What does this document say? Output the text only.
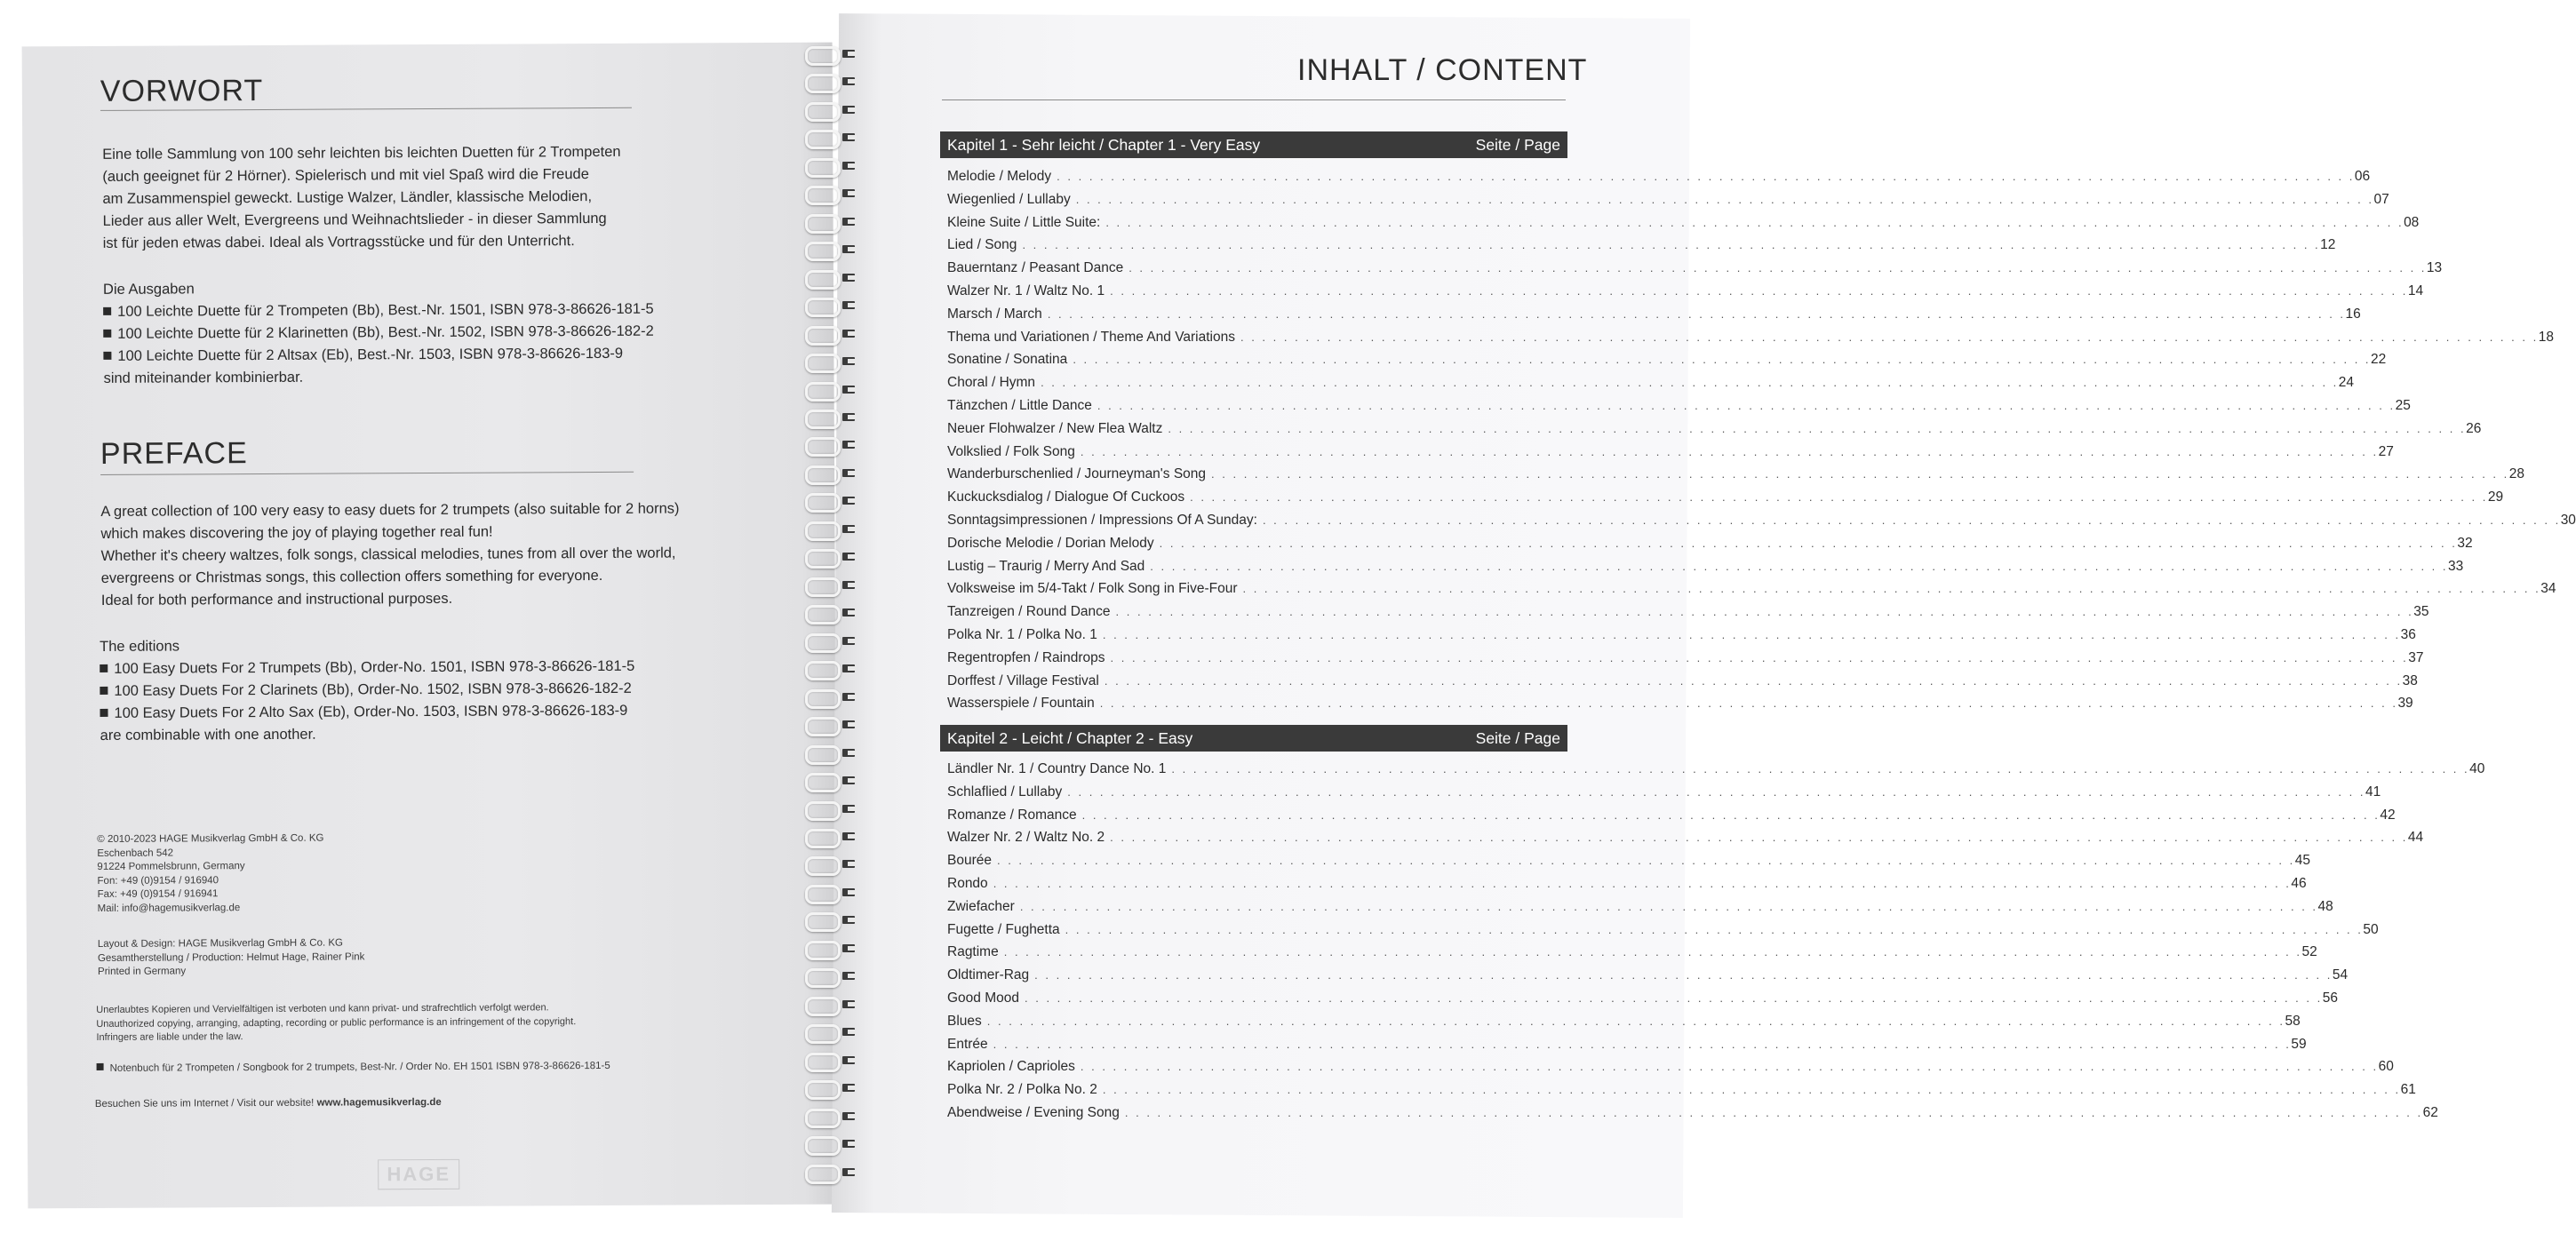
VORWORT
Eine tolle Sammlung von 100 sehr leichten bis leichten Duetten für 2 Trompeten
(auch geeignet für 2 Hörner). Spielerisch und mit viel Spaß wird die Freude
am Zusammenspiel geweckt. Lustige Walzer, Ländler, klassische Melodien,
Lieder aus aller Welt, Evergreens und Weihnachtslieder - in dieser Sammlung
ist für jeden etwas dabei. Ideal als Vortragsstücke und für den Unterricht.
Die Ausgaben
100 Leichte Duette für 2 Trompeten (Bb), Best.-Nr. 1501, ISBN 978-3-86626-181-5
100 Leichte Duette für 2 Klarinetten (Bb), Best.-Nr. 1502, ISBN 978-3-86626-182-2
100 Leichte Duette für 2 Altsax (Eb), Best.-Nr. 1503, ISBN 978-3-86626-183-9
sind miteinander kombinierbar.
PREFACE
A great collection of 100 very easy to easy duets for 2 trumpets (also suitable for 2 horns)
which makes discovering the joy of playing together real fun!
Whether it's cheery waltzes, folk songs, classical melodies, tunes from all over the world,
evergreens or Christmas songs, this collection offers something for everyone.
Ideal for both performance and instructional purposes.
The editions
100 Easy Duets For 2 Trumpets (Bb), Order-No. 1501, ISBN 978-3-86626-181-5
100 Easy Duets For 2 Clarinets (Bb), Order-No. 1502, ISBN 978-3-86626-182-2
100 Easy Duets For 2 Alto Sax (Eb), Order-No. 1503, ISBN 978-3-86626-183-9
are combinable with one another.
© 2010-2023 HAGE Musikverlag GmbH & Co. KG
Eschenbach 542
91224 Pommelsbrunn, Germany
Fon: +49 (0)9154 / 916940
Fax: +49 (0)9154 / 916941
Mail: info@hagemusikverlag.de
Layout & Design: HAGE Musikverlag GmbH & Co. KG
Gesamtherstellung / Production: Helmut Hage, Rainer Pink
Printed in Germany
Unerlaubtes Kopieren und Vervielfältigen ist verboten und kann privat- und strafrechtlich verfolgt werden.
Unauthorized copying, arranging, adapting, recording or public performance is an infringement of the copyright.
Infringers are liable under the law.
Notenbuch für 2 Trompeten / Songbook for 2 trumpets, Best-Nr. / Order No. EH 1501 ISBN 978-3-86626-181-5
Besuchen Sie uns im Internet / Visit our website! www.hagemusikverlag.de
HAGE
INHALT / CONTENT
Kapitel 1 - Sehr leicht / Chapter 1 - Very Easy	Seite / Page
Melodie / Melody . . . . . . . . . . . . . . . . . . . . . . . . . . . . . . . . . . . . . . . . . . . . . . . . . . . . . . . . . . . . . . . . . . . . . . . . . . . . . . . . . . . . . . . . . . . . . . . . . . . . . . . . . . . . . . . . . . . . . . . . 06
Wiegenlied / Lullaby . . . . . . . . . . . . . . . . . . . . . . . . . . . . . . . . . . . . . . . . . . . . . . . . . . . . . . . . . . . . . . . . . . . . . . . . . . . . . . . . . . . . . . . . . . . . . . . . . . . . . . . . . . . . . . . . . . . . . . . . 07
Kleine Suite / Little Suite: . . . . . . . . . . . . . . . . . . . . . . . . . . . . . . . . . . . . . . . . . . . . . . . . . . . . . . . . . . . . . . . . . . . . . . . . . . . . . . . . . . . . . . . . . . . . . . . . . . . . . . . . . . . . . . . . . . . . . . . . 08
Lied / Song . . . . . . . . . . . . . . . . . . . . . . . . . . . . . . . . . . . . . . . . . . . . . . . . . . . . . . . . . . . . . . . . . . . . . . . . . . . . . . . . . . . . . . . . . . . . . . . . . . . . . . . . . . . . . . . . . . . . . . . . 12
Bauerntanz / Peasant Dance . . . . . . . . . . . . . . . . . . . . . . . . . . . . . . . . . . . . . . . . . . . . . . . . . . . . . . . . . . . . . . . . . . . . . . . . . . . . . . . . . . . . . . . . . . . . . . . . . . . . . . . . . . . . . . . . . . . . . . . . 13
Walzer Nr. 1 / Waltz No. 1 . . . . . . . . . . . . . . . . . . . . . . . . . . . . . . . . . . . . . . . . . . . . . . . . . . . . . . . . . . . . . . . . . . . . . . . . . . . . . . . . . . . . . . . . . . . . . . . . . . . . . . . . . . . . . . . . . . . . . . . . 14
Marsch / March . . . . . . . . . . . . . . . . . . . . . . . . . . . . . . . . . . . . . . . . . . . . . . . . . . . . . . . . . . . . . . . . . . . . . . . . . . . . . . . . . . . . . . . . . . . . . . . . . . . . . . . . . . . . . . . . . . . . . . . . 16
Thema und Variationen / Theme And Variations . . . . . . . . . . . . . . . . . . . . . . . . . . . . . . . . . . . . . . . . . . . . . . . . . . . . . . . . . . . . . . . . . . . . . . . . . . . . . . . . . . . . . . . . . . . . . . . . . . . . . . . . . . . . . . . . . . . . . . . . 18
Sonatine / Sonatina . . . . . . . . . . . . . . . . . . . . . . . . . . . . . . . . . . . . . . . . . . . . . . . . . . . . . . . . . . . . . . . . . . . . . . . . . . . . . . . . . . . . . . . . . . . . . . . . . . . . . . . . . . . . . . . . . . . . . . . . 22
Choral / Hymn . . . . . . . . . . . . . . . . . . . . . . . . . . . . . . . . . . . . . . . . . . . . . . . . . . . . . . . . . . . . . . . . . . . . . . . . . . . . . . . . . . . . . . . . . . . . . . . . . . . . . . . . . . . . . . . . . . . . . . . . 24
Tänzchen / Little Dance . . . . . . . . . . . . . . . . . . . . . . . . . . . . . . . . . . . . . . . . . . . . . . . . . . . . . . . . . . . . . . . . . . . . . . . . . . . . . . . . . . . . . . . . . . . . . . . . . . . . . . . . . . . . . . . . . . . . . . . . 25
Neuer Flohwalzer / New Flea Waltz . . . . . . . . . . . . . . . . . . . . . . . . . . . . . . . . . . . . . . . . . . . . . . . . . . . . . . . . . . . . . . . . . . . . . . . . . . . . . . . . . . . . . . . . . . . . . . . . . . . . . . . . . . . . . . . . . . . . . . . . 26
Volkslied / Folk Song . . . . . . . . . . . . . . . . . . . . . . . . . . . . . . . . . . . . . . . . . . . . . . . . . . . . . . . . . . . . . . . . . . . . . . . . . . . . . . . . . . . . . . . . . . . . . . . . . . . . . . . . . . . . . . . . . . . . . . . . 27
Wanderburschenlied / Journeyman's Song . . . . . . . . . . . . . . . . . . . . . . . . . . . . . . . . . . . . . . . . . . . . . . . . . . . . . . . . . . . . . . . . . . . . . . . . . . . . . . . . . . . . . . . . . . . . . . . . . . . . . . . . . . . . . . . . . . . . . . . . 28
Kuckucksdialog / Dialogue Of Cuckoos . . . . . . . . . . . . . . . . . . . . . . . . . . . . . . . . . . . . . . . . . . . . . . . . . . . . . . . . . . . . . . . . . . . . . . . . . . . . . . . . . . . . . . . . . . . . . . . . . . . . . . . . . . . . . . . . . . . . . . . . 29
Sonntagsimpressionen / Impressions Of A Sunday: . . . . . . . . . . . . . . . . . . . . . . . . . . . . . . . . . . . . . . . . . . . . . . . . . . . . . . . . . . . . . . . . . . . . . . . . . . . . . . . . . . . . . . . . . . . . . . . . . . . . . . . . . . . . . . . . . . . . . . . . 30
Dorische Melodie / Dorian Melody . . . . . . . . . . . . . . . . . . . . . . . . . . . . . . . . . . . . . . . . . . . . . . . . . . . . . . . . . . . . . . . . . . . . . . . . . . . . . . . . . . . . . . . . . . . . . . . . . . . . . . . . . . . . . . . . . . . . . . . . 32
Lustig – Traurig / Merry And Sad . . . . . . . . . . . . . . . . . . . . . . . . . . . . . . . . . . . . . . . . . . . . . . . . . . . . . . . . . . . . . . . . . . . . . . . . . . . . . . . . . . . . . . . . . . . . . . . . . . . . . . . . . . . . . . . . . . . . . . . . 33
Volksweise im 5/4-Takt / Folk Song in Five-Four . . . . . . . . . . . . . . . . . . . . . . . . . . . . . . . . . . . . . . . . . . . . . . . . . . . . . . . . . . . . . . . . . . . . . . . . . . . . . . . . . . . . . . . . . . . . . . . . . . . . . . . . . . . . . . . . . . . . . . . . 34
Tanzreigen / Round Dance . . . . . . . . . . . . . . . . . . . . . . . . . . . . . . . . . . . . . . . . . . . . . . . . . . . . . . . . . . . . . . . . . . . . . . . . . . . . . . . . . . . . . . . . . . . . . . . . . . . . . . . . . . . . . . . . . . . . . . . . 35
Polka Nr. 1 / Polka No. 1 . . . . . . . . . . . . . . . . . . . . . . . . . . . . . . . . . . . . . . . . . . . . . . . . . . . . . . . . . . . . . . . . . . . . . . . . . . . . . . . . . . . . . . . . . . . . . . . . . . . . . . . . . . . . . . . . . . . . . . . . 36
Regentropfen / Raindrops . . . . . . . . . . . . . . . . . . . . . . . . . . . . . . . . . . . . . . . . . . . . . . . . . . . . . . . . . . . . . . . . . . . . . . . . . . . . . . . . . . . . . . . . . . . . . . . . . . . . . . . . . . . . . . . . . . . . . . . . 37
Dorffest / Village Festival . . . . . . . . . . . . . . . . . . . . . . . . . . . . . . . . . . . . . . . . . . . . . . . . . . . . . . . . . . . . . . . . . . . . . . . . . . . . . . . . . . . . . . . . . . . . . . . . . . . . . . . . . . . . . . . . . . . . . . . . 38
Wasserspiele / Fountain . . . . . . . . . . . . . . . . . . . . . . . . . . . . . . . . . . . . . . . . . . . . . . . . . . . . . . . . . . . . . . . . . . . . . . . . . . . . . . . . . . . . . . . . . . . . . . . . . . . . . . . . . . . . . . . . . . . . . . . . 39
Kapitel 2 - Leicht / Chapter 2 - Easy	Seite / Page
Ländler Nr. 1 / Country Dance No. 1 . . . . . . . . . . . . . . . . . . . . . . . . . . . . . . . . . . . . . . . . . . . . . . . . . . . . . . . . . . . . . . . . . . . . . . . . . . . . . . . . . . . . . . . . . . . . . . . . . . . . . . . . . . . . . . . . . . . . . . . . 40
Schlaflied / Lullaby . . . . . . . . . . . . . . . . . . . . . . . . . . . . . . . . . . . . . . . . . . . . . . . . . . . . . . . . . . . . . . . . . . . . . . . . . . . . . . . . . . . . . . . . . . . . . . . . . . . . . . . . . . . . . . . . . . . . . . . . 41
Romanze / Romance . . . . . . . . . . . . . . . . . . . . . . . . . . . . . . . . . . . . . . . . . . . . . . . . . . . . . . . . . . . . . . . . . . . . . . . . . . . . . . . . . . . . . . . . . . . . . . . . . . . . . . . . . . . . . . . . . . . . . . . . 42
Walzer Nr. 2 / Waltz No. 2 . . . . . . . . . . . . . . . . . . . . . . . . . . . . . . . . . . . . . . . . . . . . . . . . . . . . . . . . . . . . . . . . . . . . . . . . . . . . . . . . . . . . . . . . . . . . . . . . . . . . . . . . . . . . . . . . . . . . . . . . 44
Bourée . . . . . . . . . . . . . . . . . . . . . . . . . . . . . . . . . . . . . . . . . . . . . . . . . . . . . . . . . . . . . . . . . . . . . . . . . . . . . . . . . . . . . . . . . . . . . . . . . . . . . . . . . . . . . . . . . . . . . . . . 45
Rondo . . . . . . . . . . . . . . . . . . . . . . . . . . . . . . . . . . . . . . . . . . . . . . . . . . . . . . . . . . . . . . . . . . . . . . . . . . . . . . . . . . . . . . . . . . . . . . . . . . . . . . . . . . . . . . . . . . . . . . . . 46
Zwiefacher . . . . . . . . . . . . . . . . . . . . . . . . . . . . . . . . . . . . . . . . . . . . . . . . . . . . . . . . . . . . . . . . . . . . . . . . . . . . . . . . . . . . . . . . . . . . . . . . . . . . . . . . . . . . . . . . . . . . . . . . 48
Fugette / Fughetta . . . . . . . . . . . . . . . . . . . . . . . . . . . . . . . . . . . . . . . . . . . . . . . . . . . . . . . . . . . . . . . . . . . . . . . . . . . . . . . . . . . . . . . . . . . . . . . . . . . . . . . . . . . . . . . . . . . . . . . . 50
Ragtime . . . . . . . . . . . . . . . . . . . . . . . . . . . . . . . . . . . . . . . . . . . . . . . . . . . . . . . . . . . . . . . . . . . . . . . . . . . . . . . . . . . . . . . . . . . . . . . . . . . . . . . . . . . . . . . . . . . . . . . . 52
Oldtimer-Rag . . . . . . . . . . . . . . . . . . . . . . . . . . . . . . . . . . . . . . . . . . . . . . . . . . . . . . . . . . . . . . . . . . . . . . . . . . . . . . . . . . . . . . . . . . . . . . . . . . . . . . . . . . . . . . . . . . . . . . . . 54
Good Mood . . . . . . . . . . . . . . . . . . . . . . . . . . . . . . . . . . . . . . . . . . . . . . . . . . . . . . . . . . . . . . . . . . . . . . . . . . . . . . . . . . . . . . . . . . . . . . . . . . . . . . . . . . . . . . . . . . . . . . . . 56
Blues . . . . . . . . . . . . . . . . . . . . . . . . . . . . . . . . . . . . . . . . . . . . . . . . . . . . . . . . . . . . . . . . . . . . . . . . . . . . . . . . . . . . . . . . . . . . . . . . . . . . . . . . . . . . . . . . . . . . . . . . 58
Entrée . . . . . . . . . . . . . . . . . . . . . . . . . . . . . . . . . . . . . . . . . . . . . . . . . . . . . . . . . . . . . . . . . . . . . . . . . . . . . . . . . . . . . . . . . . . . . . . . . . . . . . . . . . . . . . . . . . . . . . . . 59
Kapriolen / Caprioles . . . . . . . . . . . . . . . . . . . . . . . . . . . . . . . . . . . . . . . . . . . . . . . . . . . . . . . . . . . . . . . . . . . . . . . . . . . . . . . . . . . . . . . . . . . . . . . . . . . . . . . . . . . . . . . . . . . . . . . . 60
Polka Nr. 2 / Polka No. 2 . . . . . . . . . . . . . . . . . . . . . . . . . . . . . . . . . . . . . . . . . . . . . . . . . . . . . . . . . . . . . . . . . . . . . . . . . . . . . . . . . . . . . . . . . . . . . . . . . . . . . . . . . . . . . . . . . . . . . . . . 61
Abendweise / Evening Song . . . . . . . . . . . . . . . . . . . . . . . . . . . . . . . . . . . . . . . . . . . . . . . . . . . . . . . . . . . . . . . . . . . . . . . . . . . . . . . . . . . . . . . . . . . . . . . . . . . . . . . . . . . . . . . . . . . . . . . . 62
